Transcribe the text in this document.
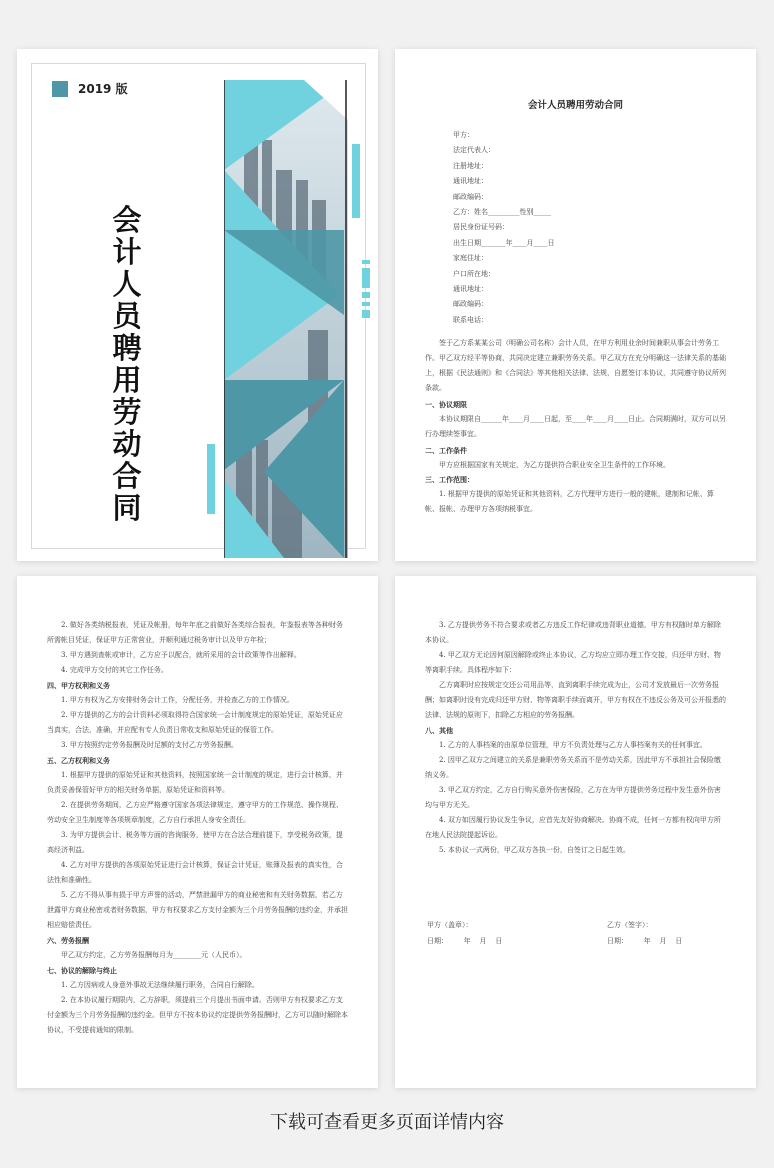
2019 版
会
计
人
员
聘
用
劳
动
合
同
会计人员聘用劳动合同
甲方：
法定代表人：
注册地址：
通讯地址：
邮政编码：
乙方：姓名_________性别_____
居民身份证号码：
出生日期_______年____月____日
家庭住址：
户口所在地：
通讯地址：
邮政编码：
联系电话：
签于乙方系某某公司（明确公司名称）会计人员，在甲方利用业余时间兼职从事会计劳务工作。甲乙双方经平等协商，共同决定建立兼职劳务关系。甲乙双方在充分明确这一法律关系的基础上，根据《民法通则》和《合同法》等其他相关法律、法规，自愿签订本协议，共同遵守协议所列条款。
一、协议期限
本协议期限自______年____月____日起，至____年____月____日止。合同期满时，双方可以另行办理续签事宜。
二、工作条件
甲方应根据国家有关规定，为乙方提供符合职业安全卫生条件的工作环境。
三、工作范围：
1. 根据甲方提供的原始凭证和其他资料，乙方代理甲方进行一般的建帐，建制和记帐、算帐、报帐、办理甲方各项纳税事宜。
2. 做好各类纳税报表，凭证及帐册，每年年底之前做好各类综合报表，年鉴报表等各种财务所需帐目凭证，保证甲方正常营业，并顺利通过税务审计以及甲方年检；
3. 甲方遇到查帐或审计，乙方应予以配合，就所采用的会计政策等作出解释。
4. 完成甲方交付的其它工作任务。
四、甲方权利和义务
1. 甲方有权为乙方安排财务会计工作，分配任务，并检查乙方的工作情况。
2. 甲方提供的乙方的会计资料必须取得符合国家统一会计制度规定的原始凭证，原始凭证应当真实，合法，准确，并应配有专人负责日常收支和原始凭证的保管工作。
3. 甲方按照约定劳务报酬及时足额的支付乙方劳务报酬。
五、乙方权利和义务
1. 根据甲方提供的原始凭证和其他资料，按照国家统一会计制度的规定，进行会计核算，并负责妥善保管好甲方的相关财务单据，原始凭证和资料等。
2. 在提供劳务期间，乙方应严格遵守国家各项法律规定，遵守甲方的工作规范、操作规程、劳动安全卫生制度等各项规章制度，乙方自行承担人身安全责任。
3. 为甲方提供会计、税务等方面的咨询服务，使甲方在合法合理前提下，享受税务政策，提高经济利益。
4. 乙方对甲方提供的各项原始凭证进行会计核算，保证会计凭证，账簿及报表的真实性，合法性和准确性。
5. 乙方不得从事有损于甲方声誉的活动，严禁泄漏甲方的商业秘密和有关财务数据，若乙方泄露甲方商业秘密或者财务数据，甲方有权要求乙方支付金额为三个月劳务报酬的违约金，并承担相应赔偿责任。
六、劳务报酬
甲乙双方约定，乙方劳务报酬每月为________元（人民币）。
七、协议的解除与终止
1. 乙方因病或人身意外事故无法继续履行职务，合同自行解除。
2. 在本协议履行期限内，乙方辞职，须提前三个月提出书面申请。否则甲方有权要求乙方支付金额为三个月劳务报酬的违约金。但甲方不按本协议约定提供劳务报酬时，乙方可以随时解除本协议，不受提前通知的限制。
3. 乙方提供劳务不符合要求或者乙方违反工作纪律或违背职业道德，甲方有权随时单方解除本协议。
4. 甲乙双方无论因何原因解除或终止本协议，乙方均应立即办理工作交接，归还甲方财、物等离职手续。具体程序如下：
乙方离职时应按规定交还公司用品等，直到离职手续完成为止，公司才发放最后一次劳务报酬；如离职时没有完成归还甲方财、物等离职手续而离开，甲方有权在不违反公务及可公开报悉的法律、法规的原则下，扣除乙方相应的劳务报酬。
八、其他
1. 乙方的人事档案的由原单位管理，甲方不负责处理与乙方人事档案有关的任何事宜。
2. 因甲乙双方之间建立的关系是兼职劳务关系而不是劳动关系，因此甲方不承担社会保险缴纳义务。
3. 甲乙双方约定，乙方自行购买意外伤害保险，乙方在为甲方提供劳务过程中发生意外伤害均与甲方无关。
4. 双方如因履行协议发生争议，应首先友好协商解决。协商不成，任何一方都有权向甲方所在地人民法院提起诉讼。
5. 本协议一式两份，甲乙双方各执一份，自签订之日起生效。
甲方（盖章）：
日期：       年    月    日
乙方（签字）：
日期：       年    月    日
下载可查看更多页面详情内容
